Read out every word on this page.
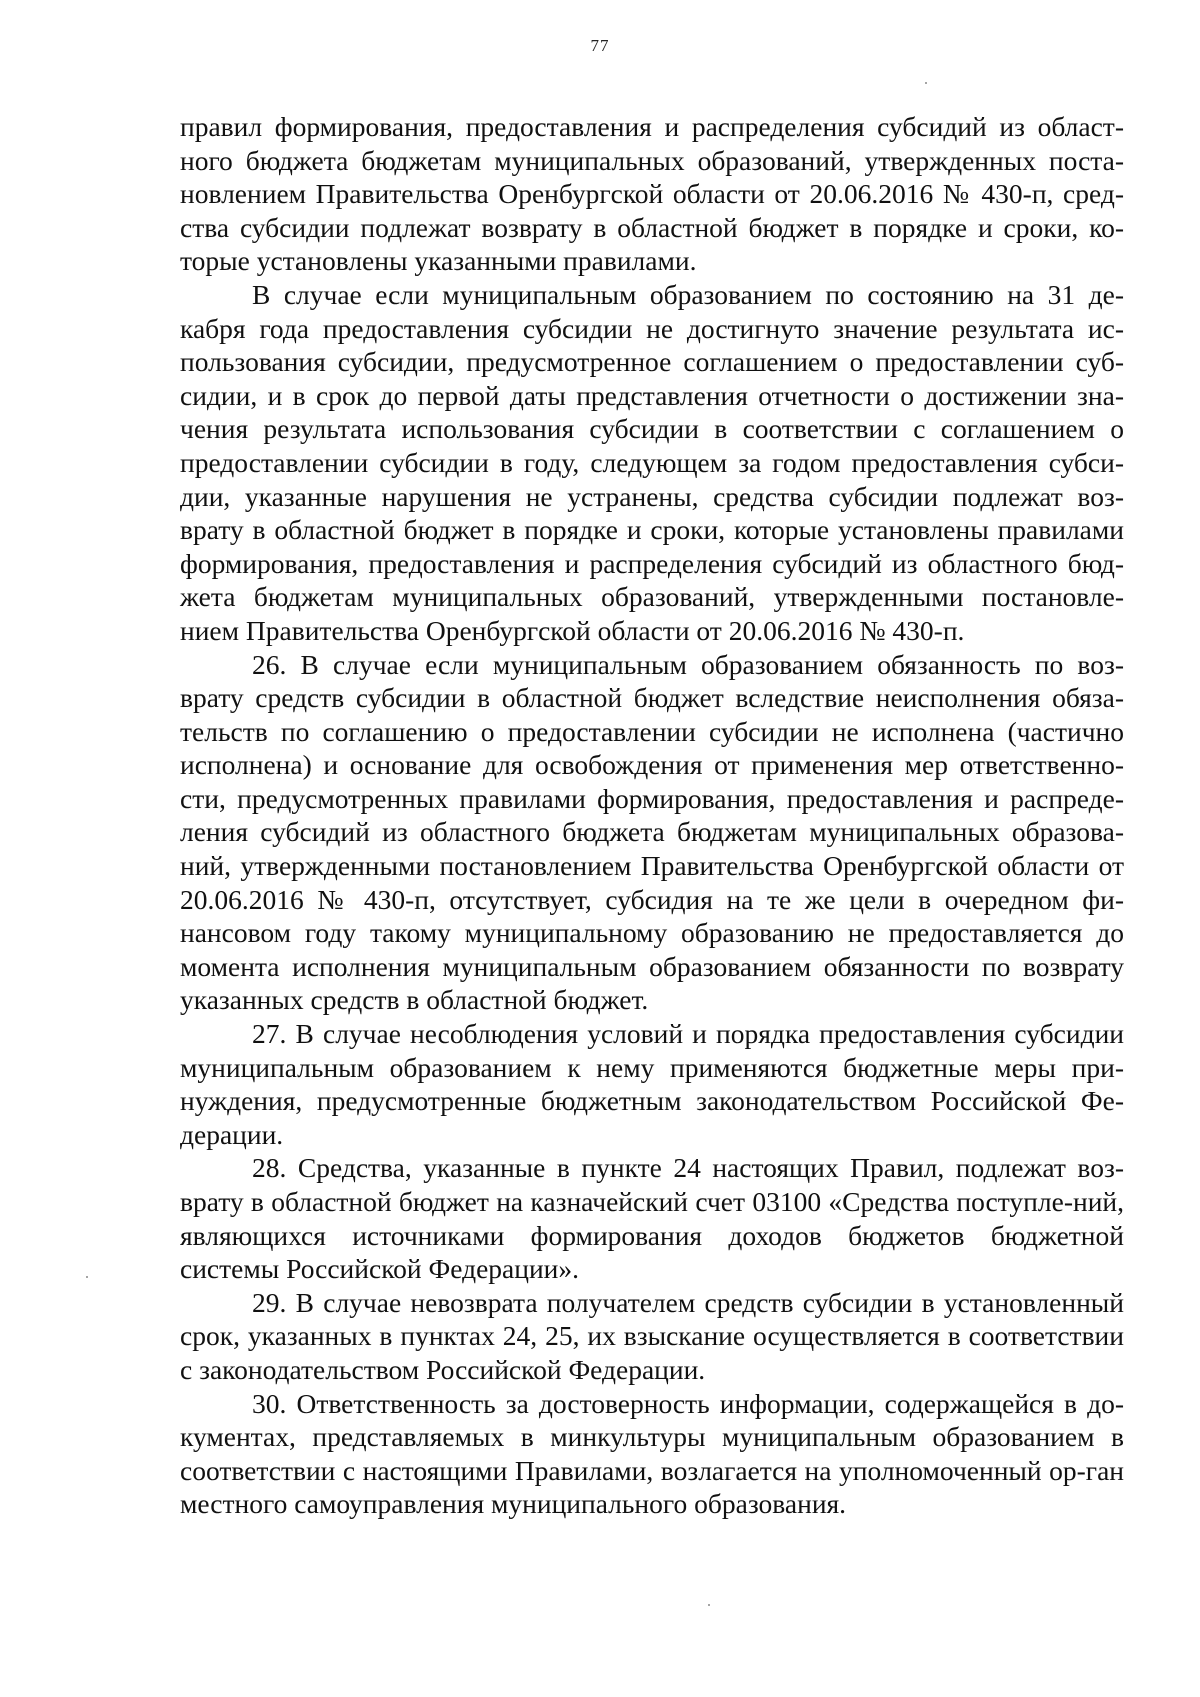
77

правил формирования, предоставления и распределения субсидий из област-ного бюджета бюджетам муниципальных образований, утвержденных поста-новлением Правительства Оренбургской области от 20.06.2016 № 430-п, сред-ства субсидии подлежат возврату в областной бюджет в порядке и сроки, ко-торые установлены указанными правилами.

В случае если муниципальным образованием по состоянию на 31 де-кабря года предоставления субсидии не достигнуто значение результата ис-пользования субсидии, предусмотренное соглашением о предоставлении суб-сидии, и в срок до первой даты представления отчетности о достижении зна-чения результата использования субсидии в соответствии с соглашением о предоставлении субсидии в году, следующем за годом предоставления субси-дии, указанные нарушения не устранены, средства субсидии подлежат воз-врату в областной бюджет в порядке и сроки, которые установлены правилами формирования, предоставления и распределения субсидий из областного бюд-жета бюджетам муниципальных образований, утвержденными постановле-нием Правительства Оренбургской области от 20.06.2016 № 430-п.

26. В случае если муниципальным образованием обязанность по воз-врату средств субсидии в областной бюджет вследствие неисполнения обяза-тельств по соглашению о предоставлении субсидии не исполнена (частично исполнена) и основание для освобождения от применения мер ответственно-сти, предусмотренных правилами формирования, предоставления и распреде-ления субсидий из областного бюджета бюджетам муниципальных образова-ний, утвержденными постановлением Правительства Оренбургской области от 20.06.2016 № 430-п, отсутствует, субсидия на те же цели в очередном фи-нансовом году такому муниципальному образованию не предоставляется до момента исполнения муниципальным образованием обязанности по возврату указанных средств в областной бюджет.

27. В случае несоблюдения условий и порядка предоставления субсидии муниципальным образованием к нему применяются бюджетные меры при-нуждения, предусмотренные бюджетным законодательством Российской Фе-дерации.

28. Средства, указанные в пункте 24 настоящих Правил, подлежат воз-врату в областной бюджет на казначейский счет 03100 «Средства поступле-ний, являющихся источниками формирования доходов бюджетов бюджетной системы Российской Федерации».

29. В случае невозврата получателем средств субсидии в установленный срок, указанных в пунктах 24, 25, их взыскание осуществляется в соответствии с законодательством Российской Федерации.

30. Ответственность за достоверность информации, содержащейся в до-кументах, представляемых в минкультуры муниципальным образованием в соответствии с настоящими Правилами, возлагается на уполномоченный ор-ган местного самоуправления муниципального образования.
